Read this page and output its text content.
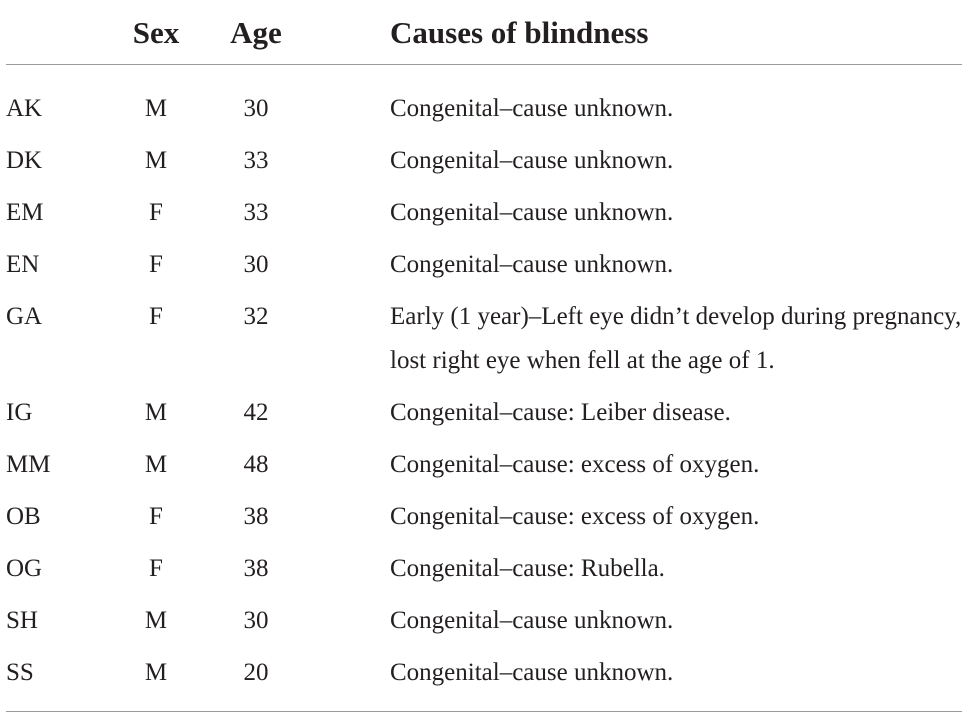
	Sex	Age	Causes of blindness
AK	M	30	Congenital–cause unknown.
DK	M	33	Congenital–cause unknown.
EM	F	33	Congenital–cause unknown.
EN	F	30	Congenital–cause unknown.
GA	F	32	Early (1 year)–Left eye didn’t develop during pregnancy, lost right eye when fell at the age of 1.
IG	M	42	Congenital–cause: Leiber disease.
MM	M	48	Congenital–cause: excess of oxygen.
OB	F	38	Congenital–cause: excess of oxygen.
OG	F	38	Congenital–cause: Rubella.
SH	M	30	Congenital–cause unknown.
SS	M	20	Congenital–cause unknown.
